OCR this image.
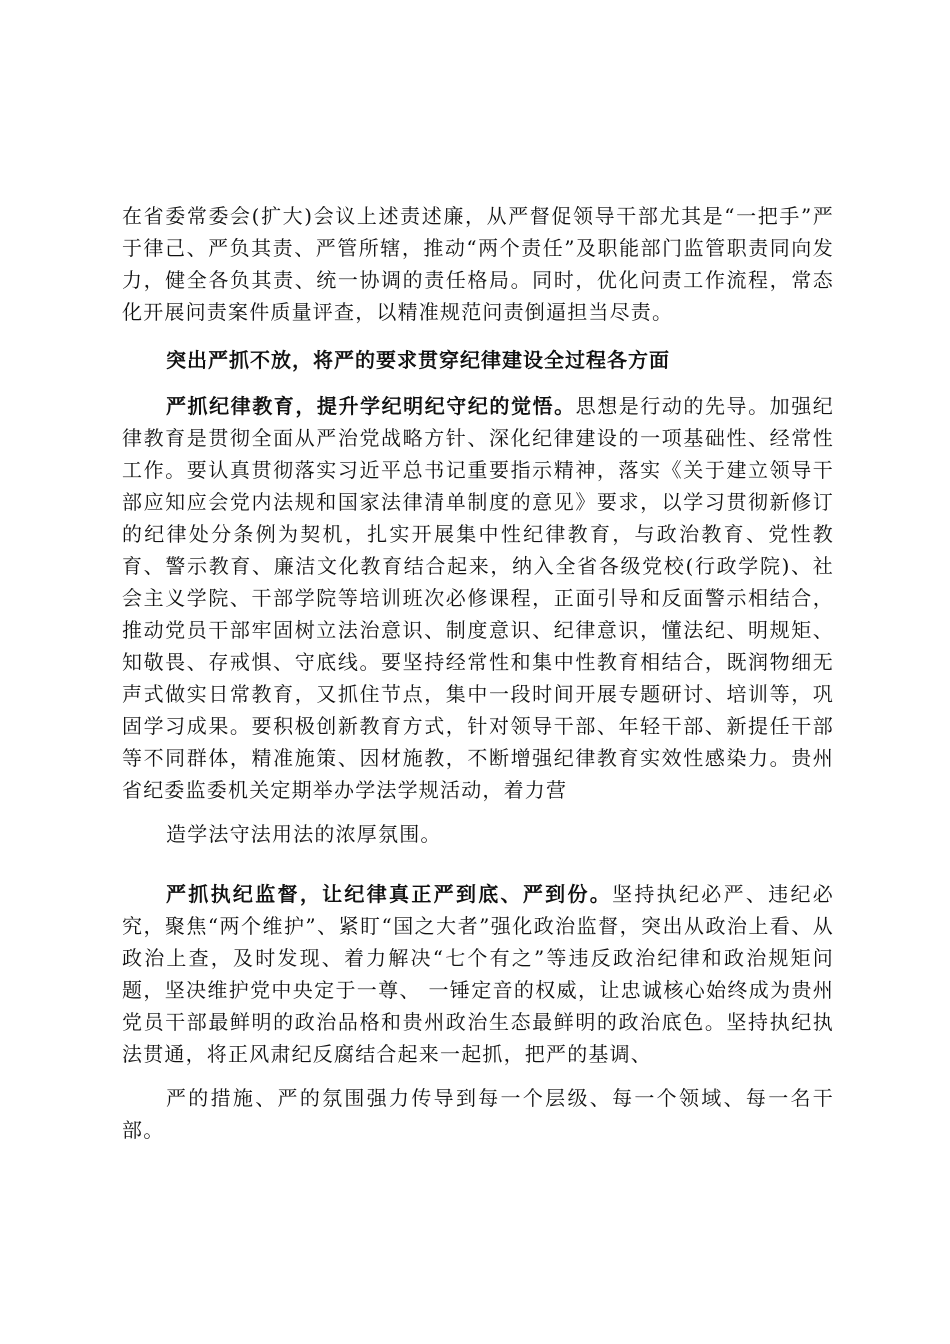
在省委常委会(扩大)会议上述责述廉，从严督促领导干部尤其是“一把手”严于律己、严负其责、严管所辖，推动“两个责任”及职能部门监管职责同向发力，健全各负其责、统一协调的责任格局。同时，优化问责工作流程，常态化开展问责案件质量评查，以精准规范问责倒逼担当尽责。

突出严抓不放，将严的要求贯穿纪律建设全过程各方面

严抓纪律教育，提升学纪明纪守纪的觉悟。思想是行动的先导。加强纪律教育是贯彻全面从严治党战略方针、深化纪律建设的一项基础性、经常性工作。要认真贯彻落实习近平总书记重要指示精神，落实《关于建立领导干部应知应会党内法规和国家法律清单制度的意见》要求，以学习贯彻新修订的纪律处分条例为契机，扎实开展集中性纪律教育，与政治教育、党性教育、警示教育、廉洁文化教育结合起来，纳入全省各级党校(行政学院)、社会主义学院、干部学院等培训班次必修课程，正面引导和反面警示相结合，推动党员干部牢固树立法治意识、制度意识、纪律意识，懂法纪、明规矩、知敬畏、存戒惧、守底线。要坚持经常性和集中性教育相结合，既润物细无声式做实日常教育，又抓住节点，集中一段时间开展专题研讨、培训等，巩固学习成果。要积极创新教育方式，针对领导干部、年轻干部、新提任干部等不同群体，精准施策、因材施教，不断增强纪律教育实效性感染力。贵州省纪委监委机关定期举办学法学规活动，着力营
造学法守法用法的浓厚氛围。

严抓执纪监督，让纪律真正严到底、严到份。坚持执纪必严、违纪必究，聚焦“两个维护”、紧盯“国之大者”强化政治监督，突出从政治上看、从政治上查，及时发现、着力解决“七个有之”等违反政治纪律和政治规矩问题，坚决维护党中央定于一尊、 一锤定音的权威，让忠诚核心始终成为贵州党员干部最鲜明的政治品格和贵州政治生态最鲜明的政治底色。坚持执纪执法贯通，将正风肃纪反腐结合起来一起抓，把严的基调、
严的措施、严的氛围强力传导到每一个层级、每一个领域、每一名干部。
